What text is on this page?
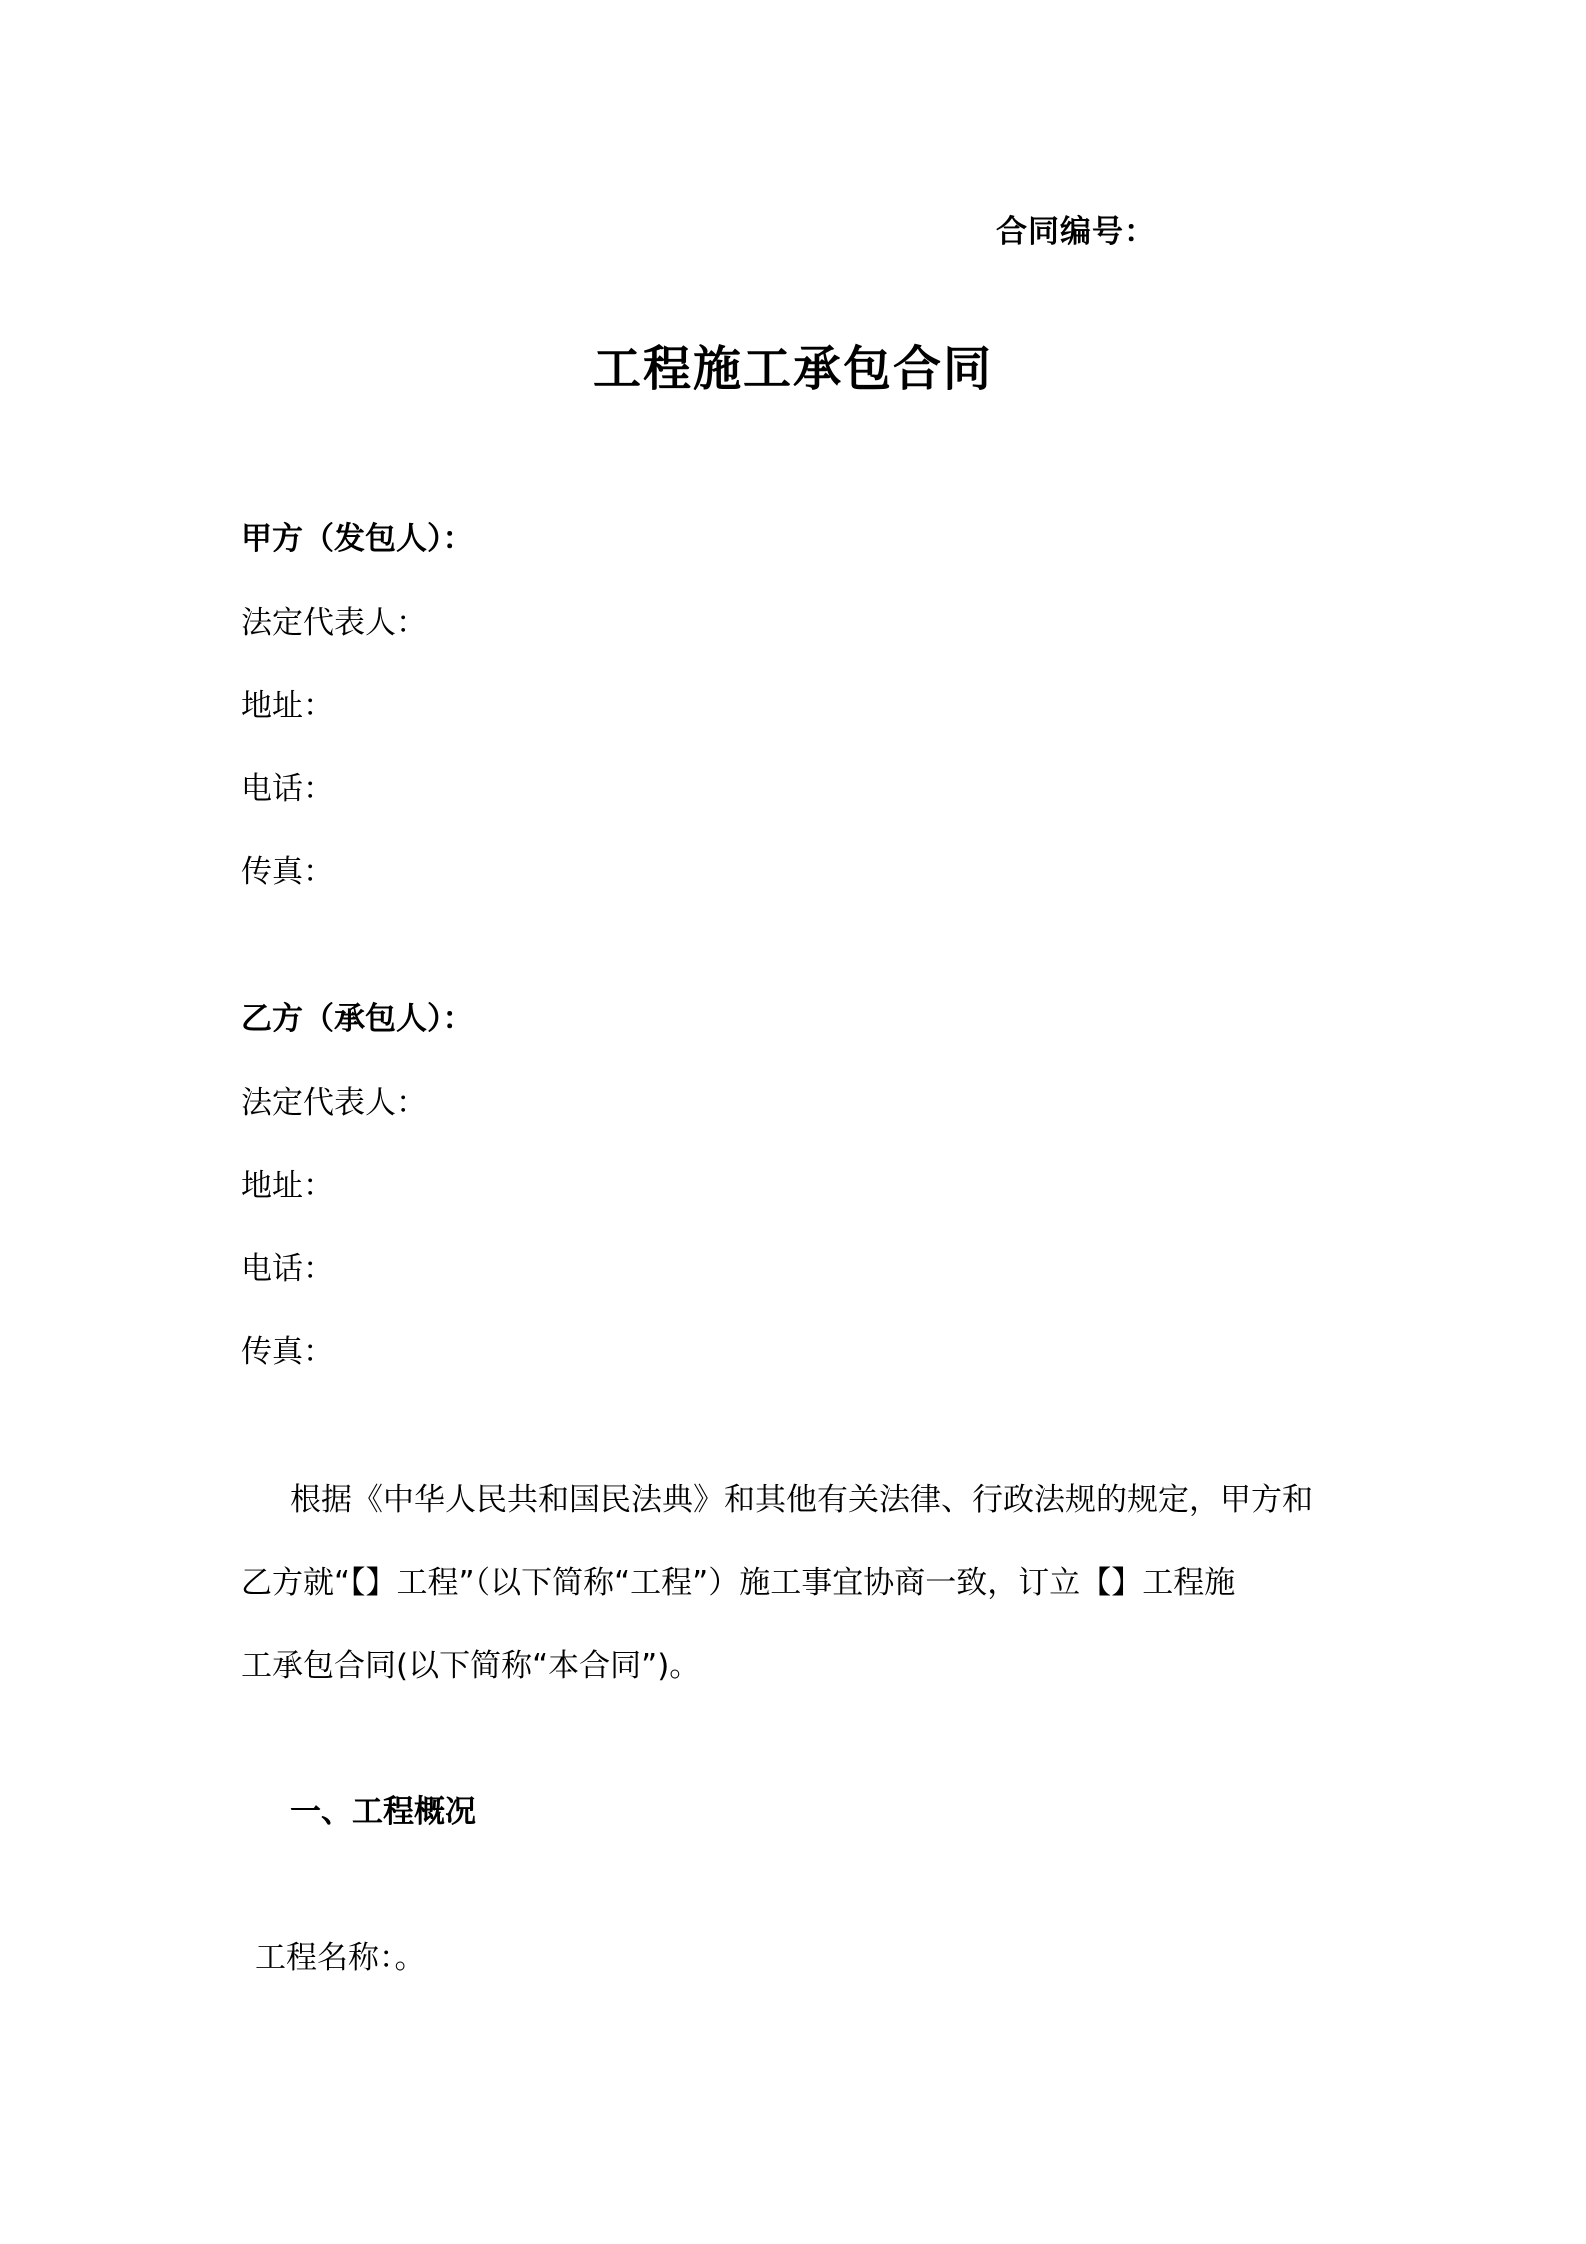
合同编号：
工程施工承包合同
甲方（发包人）：
法定代表人：
地址：
电话：
传真：
乙方（承包人）：
法定代表人：
地址：
电话：
传真：
根据《中华人民共和国民法典》和其他有关法律、行政法规的规定，甲方和
乙方就“【】工程”（以下简称“工程”）施工事宜协商一致，订立【】工程施
工承包合同(以下简称“本合同”)。
一、工程概况
工程名称：。
